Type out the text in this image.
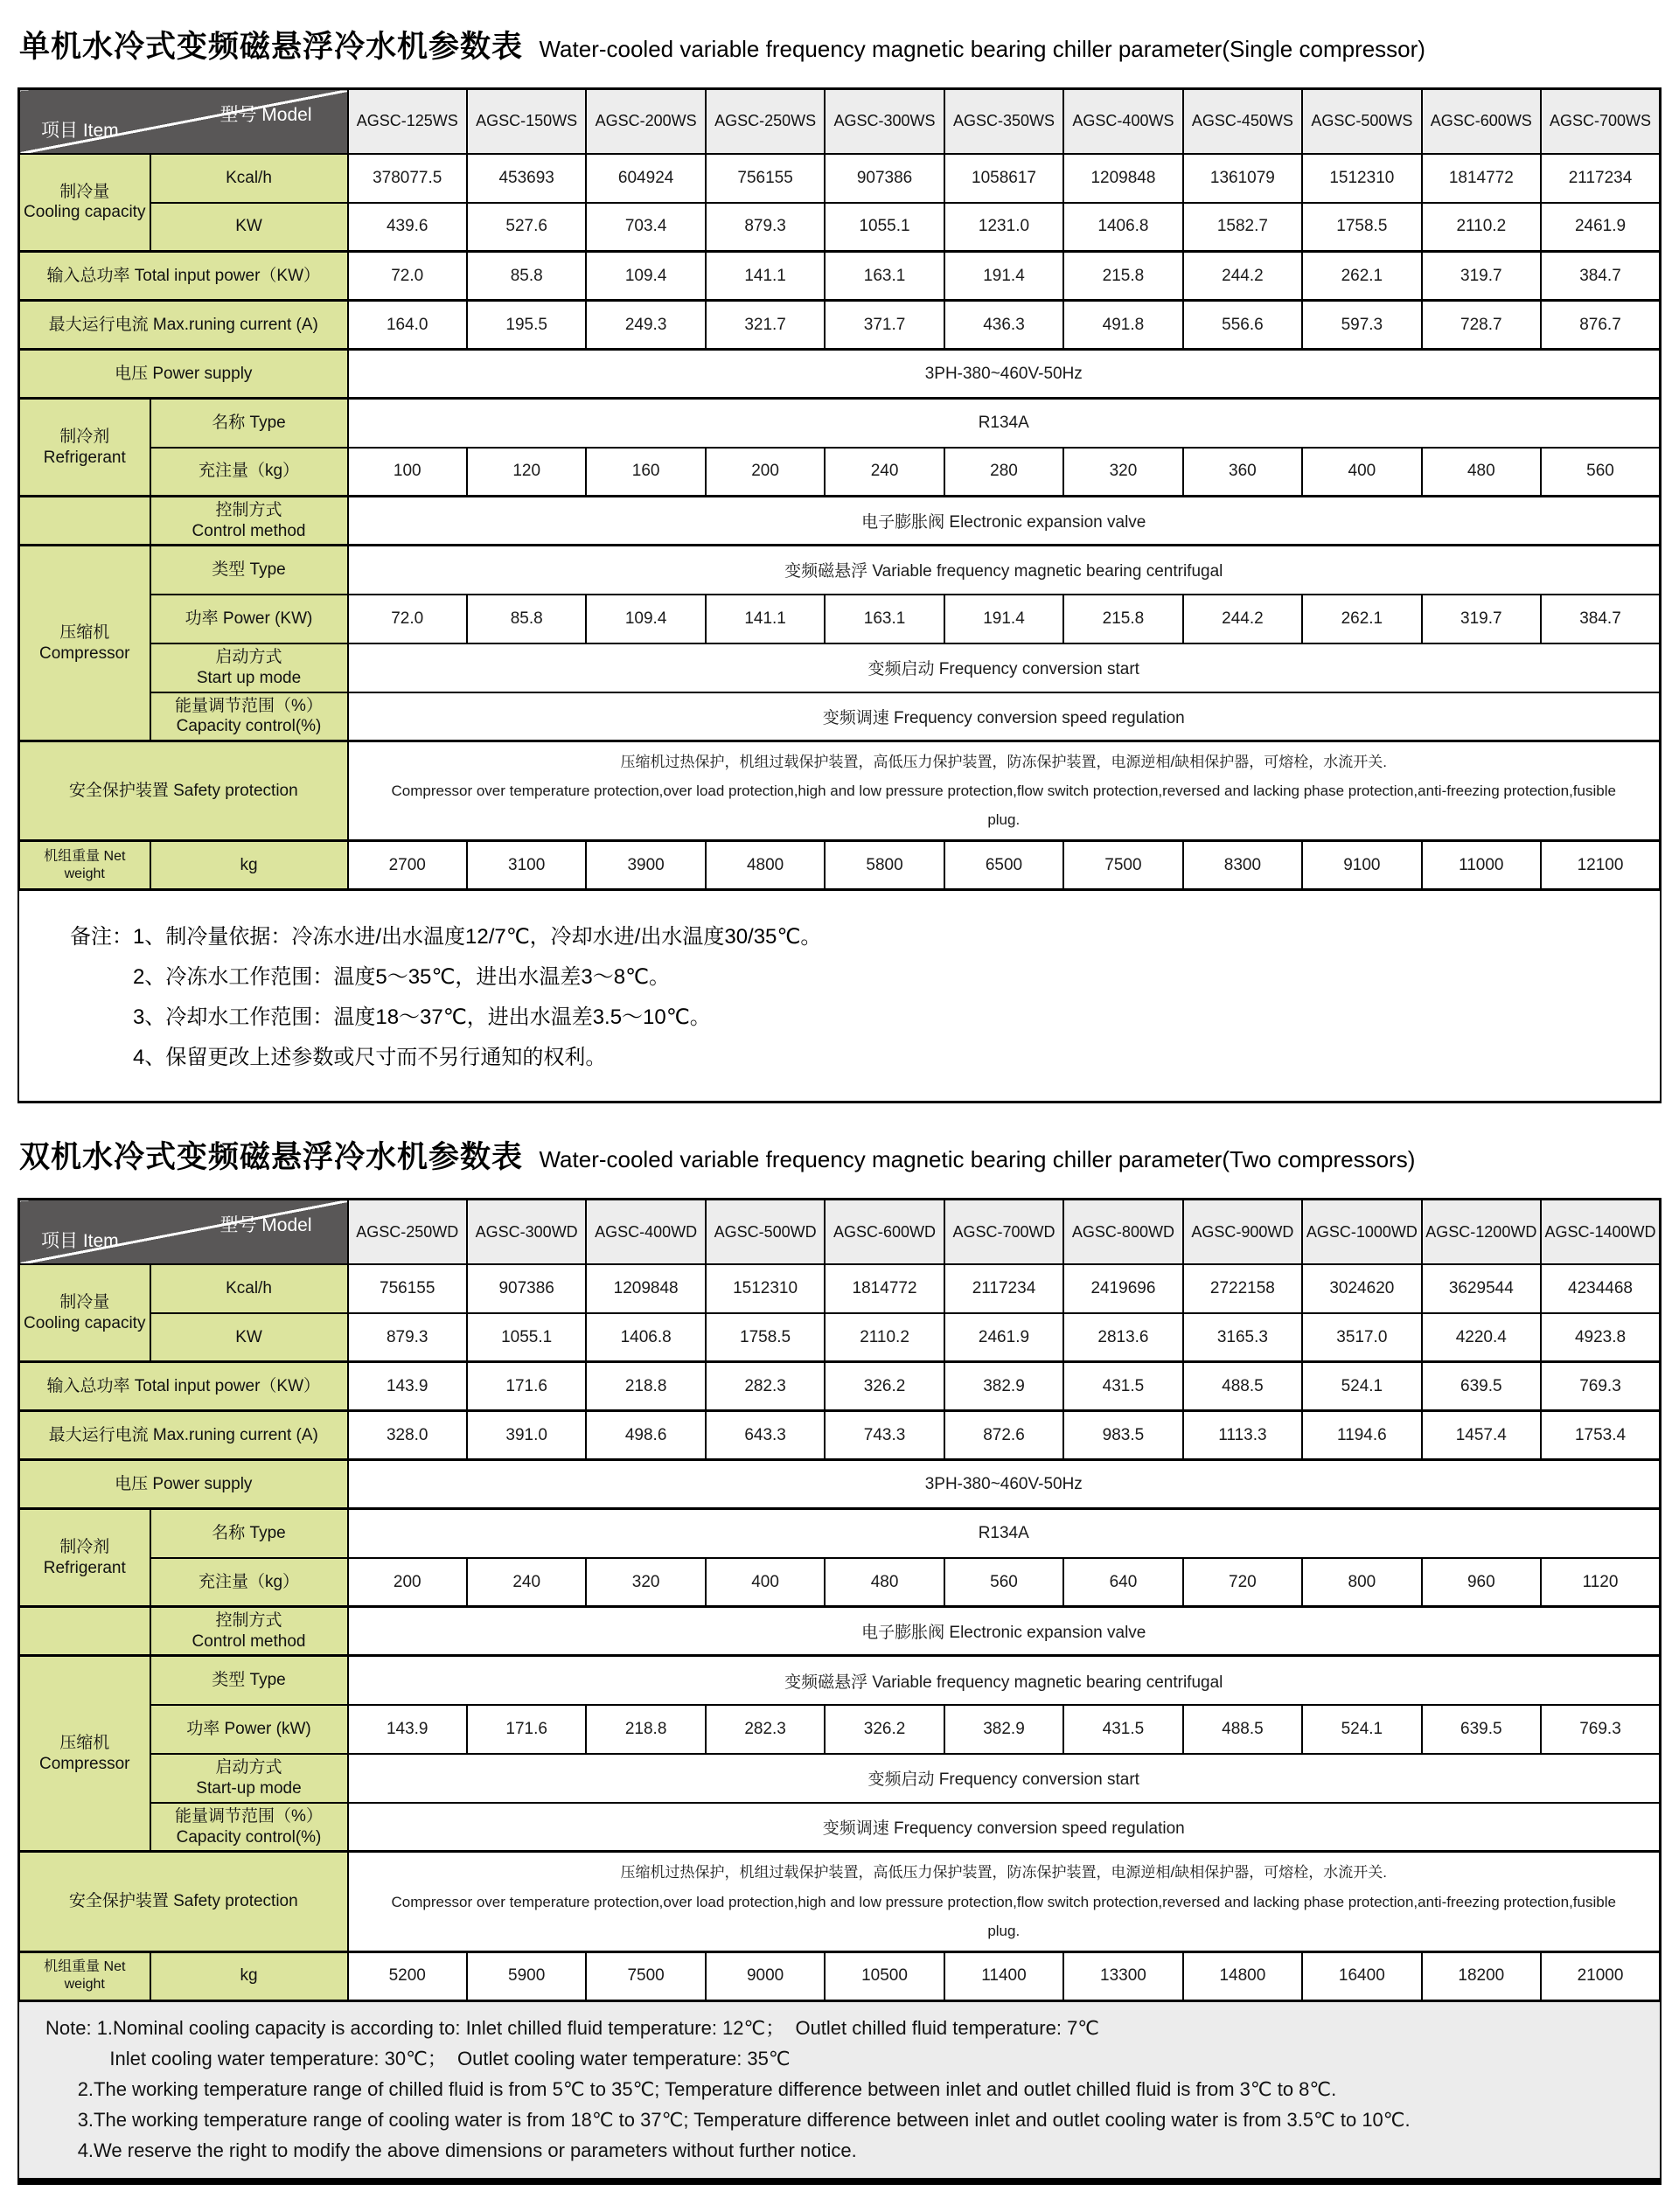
单机水冷式变频磁悬浮冷水机参数表 Water-cooled variable frequency magnetic bearing chiller parameter(Single compressor)
型号 Model
项目 Item		AGSC-125WS	AGSC-150WS	AGSC-200WS	AGSC-250WS	AGSC-300WS	AGSC-350WS	AGSC-400WS	AGSC-450WS	AGSC-500WS	AGSC-600WS	AGSC-700WS

制冷量
Cooling capacity	Kcal/h	378077.5	453693	604924	756155	907386	1058617	1209848	1361079	1512310	1814772	2117234

	KW	439.6	527.6	703.4	879.3	1055.1	1231.0	1406.8	1582.7	1758.5	2110.2	2461.9

输入总功率 Total input power（KW）		72.0	85.8	109.4	141.1	163.1	191.4	215.8	244.2	262.1	319.7	384.7

最大运行电流 Max.runing current (A)		164.0	195.5	249.3	321.7	371.7	436.3	491.8	556.6	597.3	728.7	876.7

电压 Power supply		3PH-380~460V-50Hz										

制冷剂
Refrigerant	名称 Type	R134A										

	充注量（kg）	100	120	160	200	240	280	320	360	400	480	560

	控制方式
Control method	电子膨胀阀 Electronic expansion valve										

压缩机
Compressor	类型 Type	变频磁悬浮 Variable frequency magnetic bearing centrifugal										

	功率 Power (KW)	72.0	85.8	109.4	141.1	163.1	191.4	215.8	244.2	262.1	319.7	384.7

	启动方式
Start up mode	变频启动 Frequency conversion start										

	能量调节范围（%）
Capacity control(%)	变频调速 Frequency conversion speed regulation										

安全保护装置 Safety protection		压缩机过热保护，机组过载保护装置，高低压力保护装置，防冻保护装置，电源逆相/缺相保护器，可熔栓，水流开关.
Compressor over temperature protection,over load protection,high and low pressure protection,flow switch protection,reversed and lacking phase protection,anti-freezing protection,fusible plug.										

机组重量 Net weight	kg	2700	3100	3900	4800	5800	6500	7500	8300	9100	11000	12100
备注：1、制冷量依据：冷冻水进/出水温度12/7℃，冷却水进/出水温度30/35℃。
　　　2、冷冻水工作范围：温度5～35℃，进出水温差3～8℃。
　　　3、冷却水工作范围：温度18～37℃，进出水温差3.5～10℃。
　　　4、保留更改上述参数或尺寸而不另行通知的权利。
双机水冷式变频磁悬浮冷水机参数表 Water-cooled variable frequency magnetic bearing chiller parameter(Two compressors)
型号 Model
项目 Item		AGSC-250WD	AGSC-300WD	AGSC-400WD	AGSC-500WD	AGSC-600WD	AGSC-700WD	AGSC-800WD	AGSC-900WD	AGSC-1000WD	AGSC-1200WD	AGSC-1400WD

制冷量
Cooling capacity	Kcal/h	756155	907386	1209848	1512310	1814772	2117234	2419696	2722158	3024620	3629544	4234468

	KW	879.3	1055.1	1406.8	1758.5	2110.2	2461.9	2813.6	3165.3	3517.0	4220.4	4923.8

输入总功率 Total input power（KW）		143.9	171.6	218.8	282.3	326.2	382.9	431.5	488.5	524.1	639.5	769.3

最大运行电流 Max.runing current (A)		328.0	391.0	498.6	643.3	743.3	872.6	983.5	1113.3	1194.6	1457.4	1753.4

电压 Power supply		3PH-380~460V-50Hz										

制冷剂
Refrigerant	名称 Type	R134A										

	充注量（kg）	200	240	320	400	480	560	640	720	800	960	1120

	控制方式
Control method	电子膨胀阀 Electronic expansion valve										

压缩机
Compressor	类型 Type	变频磁悬浮 Variable frequency magnetic bearing centrifugal										

	功率 Power (kW)	143.9	171.6	218.8	282.3	326.2	382.9	431.5	488.5	524.1	639.5	769.3

	启动方式
Start-up mode	变频启动 Frequency conversion start										

	能量调节范围（%）
Capacity control(%)	变频调速 Frequency conversion speed regulation										

安全保护装置 Safety protection		压缩机过热保护，机组过载保护装置，高低压力保护装置，防冻保护装置，电源逆相/缺相保护器，可熔栓，水流开关.
Compressor over temperature protection,over load protection,high and low pressure protection,flow switch protection,reversed and lacking phase protection,anti-freezing protection,fusible plug.										

机组重量 Net weight	kg	5200	5900	7500	9000	10500	11400	13300	14800	16400	18200	21000
Note: 1.Nominal cooling capacity is according to: Inlet chilled fluid temperature: 12℃；  Outlet chilled fluid temperature: 7℃
Inlet cooling water temperature: 30℃；  Outlet cooling water temperature: 35℃
2.The working temperature range of chilled fluid is from 5℃ to 35℃; Temperature difference between inlet and outlet chilled fluid is from 3℃ to 8℃.
3.The working temperature range of cooling water is from 18℃ to 37℃; Temperature difference between inlet and outlet cooling water is from 3.5℃ to 10℃.
4.We reserve the right to modify the above dimensions or parameters without further notice.
